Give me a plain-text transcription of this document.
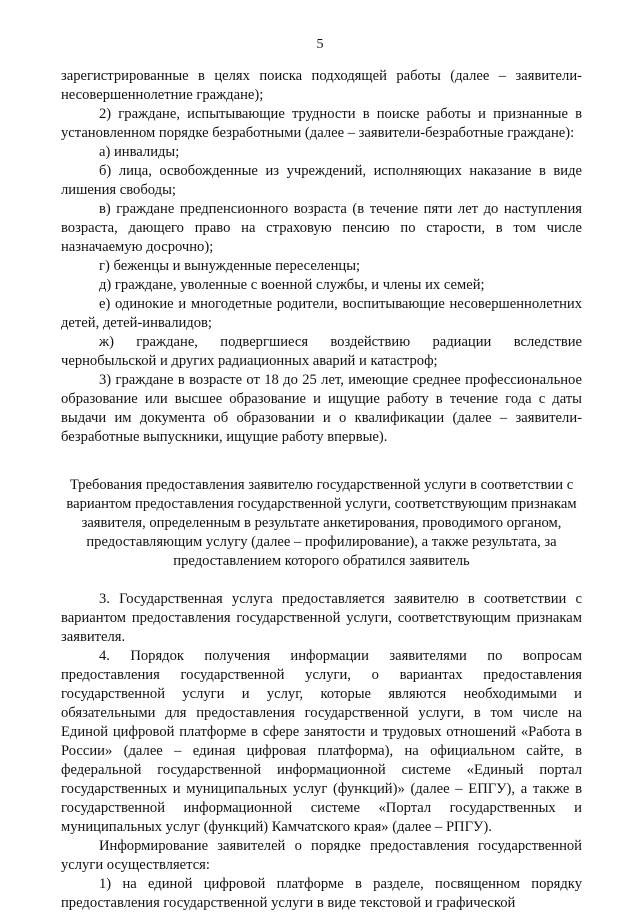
5

зарегистрированные в целях поиска подходящей работы (далее – заявители-несовершеннолетние граждане);

2) граждане, испытывающие трудности в поиске работы и признанные в установленном порядке безработными (далее – заявители-безработные граждане):

а) инвалиды;

б) лица, освобожденные из учреждений, исполняющих наказание в виде лишения свободы;

в) граждане предпенсионного возраста (в течение пяти лет до наступления возраста, дающего право на страховую пенсию по старости, в том числе назначаемую досрочно);

г) беженцы и вынужденные переселенцы;

д) граждане, уволенные с военной службы, и члены их семей;

е) одинокие и многодетные родители, воспитывающие несовершеннолетних детей, детей-инвалидов;

ж) граждане, подвергшиеся воздействию радиации вследствие чернобыльской и других радиационных аварий и катастроф;

3) граждане в возрасте от 18 до 25 лет, имеющие среднее профессиональное образование или высшее образование и ищущие работу в течение года с даты выдачи им документа об образовании и о квалификации (далее – заявители-безработные выпускники, ищущие работу впервые).

Требования предоставления заявителю государственной услуги в соответствии с вариантом предоставления государственной услуги, соответствующим признакам заявителя, определенным в результате анкетирования, проводимого органом, предоставляющим услугу (далее – профилирование), а также результата, за предоставлением которого обратился заявитель

3. Государственная услуга предоставляется заявителю в соответствии с вариантом предоставления государственной услуги, соответствующим признакам заявителя.

4. Порядок получения информации заявителями по вопросам предоставления государственной услуги, о вариантах предоставления государственной услуги и услуг, которые являются необходимыми и обязательными для предоставления государственной услуги, в том числе на Единой цифровой платформе в сфере занятости и трудовых отношений «Работа в России» (далее – единая цифровая платформа), на официальном сайте, в федеральной государственной информационной системе «Единый портал государственных и муниципальных услуг (функций)» (далее – ЕПГУ), а также в государственной информационной системе «Портал государственных и муниципальных услуг (функций) Камчатского края» (далее – РПГУ).

Информирование заявителей о порядке предоставления государственной услуги осуществляется:

1) на единой цифровой платформе в разделе, посвященном порядку предоставления государственной услуги в виде текстовой и графической
